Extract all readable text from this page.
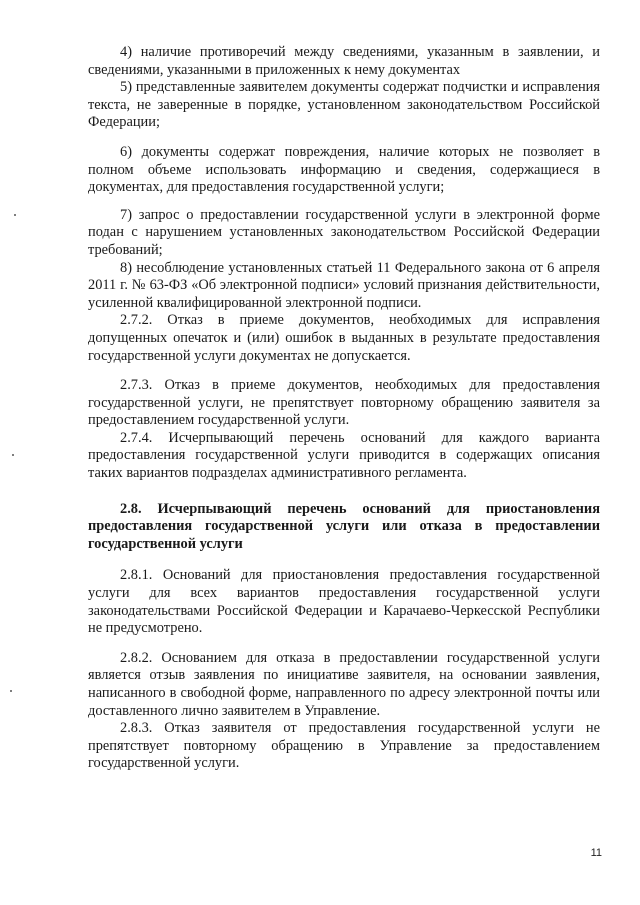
4) наличие противоречий между сведениями, указанным в заявлении, и сведениями, указанными в приложенных к нему документах

5) представленные заявителем документы содержат подчистки и исправления текста, не заверенные в порядке, установленном законодательством Российской Федерации;

6) документы содержат повреждения, наличие которых не позволяет в полном объеме использовать информацию и сведения, содержащиеся в документах, для предоставления государственной услуги;

7) запрос о предоставлении государственной услуги в электронной форме подан с нарушением установленных законодательством Российской Федерации требований;

8) несоблюдение установленных статьей 11 Федерального закона от 6 апреля 2011 г. № 63-ФЗ «Об электронной подписи» условий признания действительности, усиленной квалифицированной электронной подписи.

2.7.2. Отказ в приеме документов, необходимых для исправления допущенных опечаток и (или) ошибок в выданных в результате предоставления государственной услуги документах не допускается.

2.7.3. Отказ в приеме документов, необходимых для предоставления государственной услуги, не препятствует повторному обращению заявителя за предоставлением государственной услуги.

2.7.4. Исчерпывающий перечень оснований для каждого варианта предоставления государственной услуги приводится в содержащих описания таких вариантов подразделах административного регламента.

2.8. Исчерпывающий перечень оснований для приостановления предоставления государственной услуги или отказа в предоставлении государственной услуги

2.8.1. Оснований для приостановления предоставления государственной услуги для всех вариантов предоставления государственной услуги законодательствами Российской Федерации и Карачаево-Черкесской Республики не предусмотрено.

2.8.2. Основанием для отказа в предоставлении государственной услуги является отзыв заявления по инициативе заявителя, на основании заявления, написанного в свободной форме, направленного по адресу электронной почты или доставленного лично заявителем в Управление.

2.8.3. Отказ заявителя от предоставления государственной услуги не препятствует повторному обращению в Управление за предоставлением государственной услуги.

11
